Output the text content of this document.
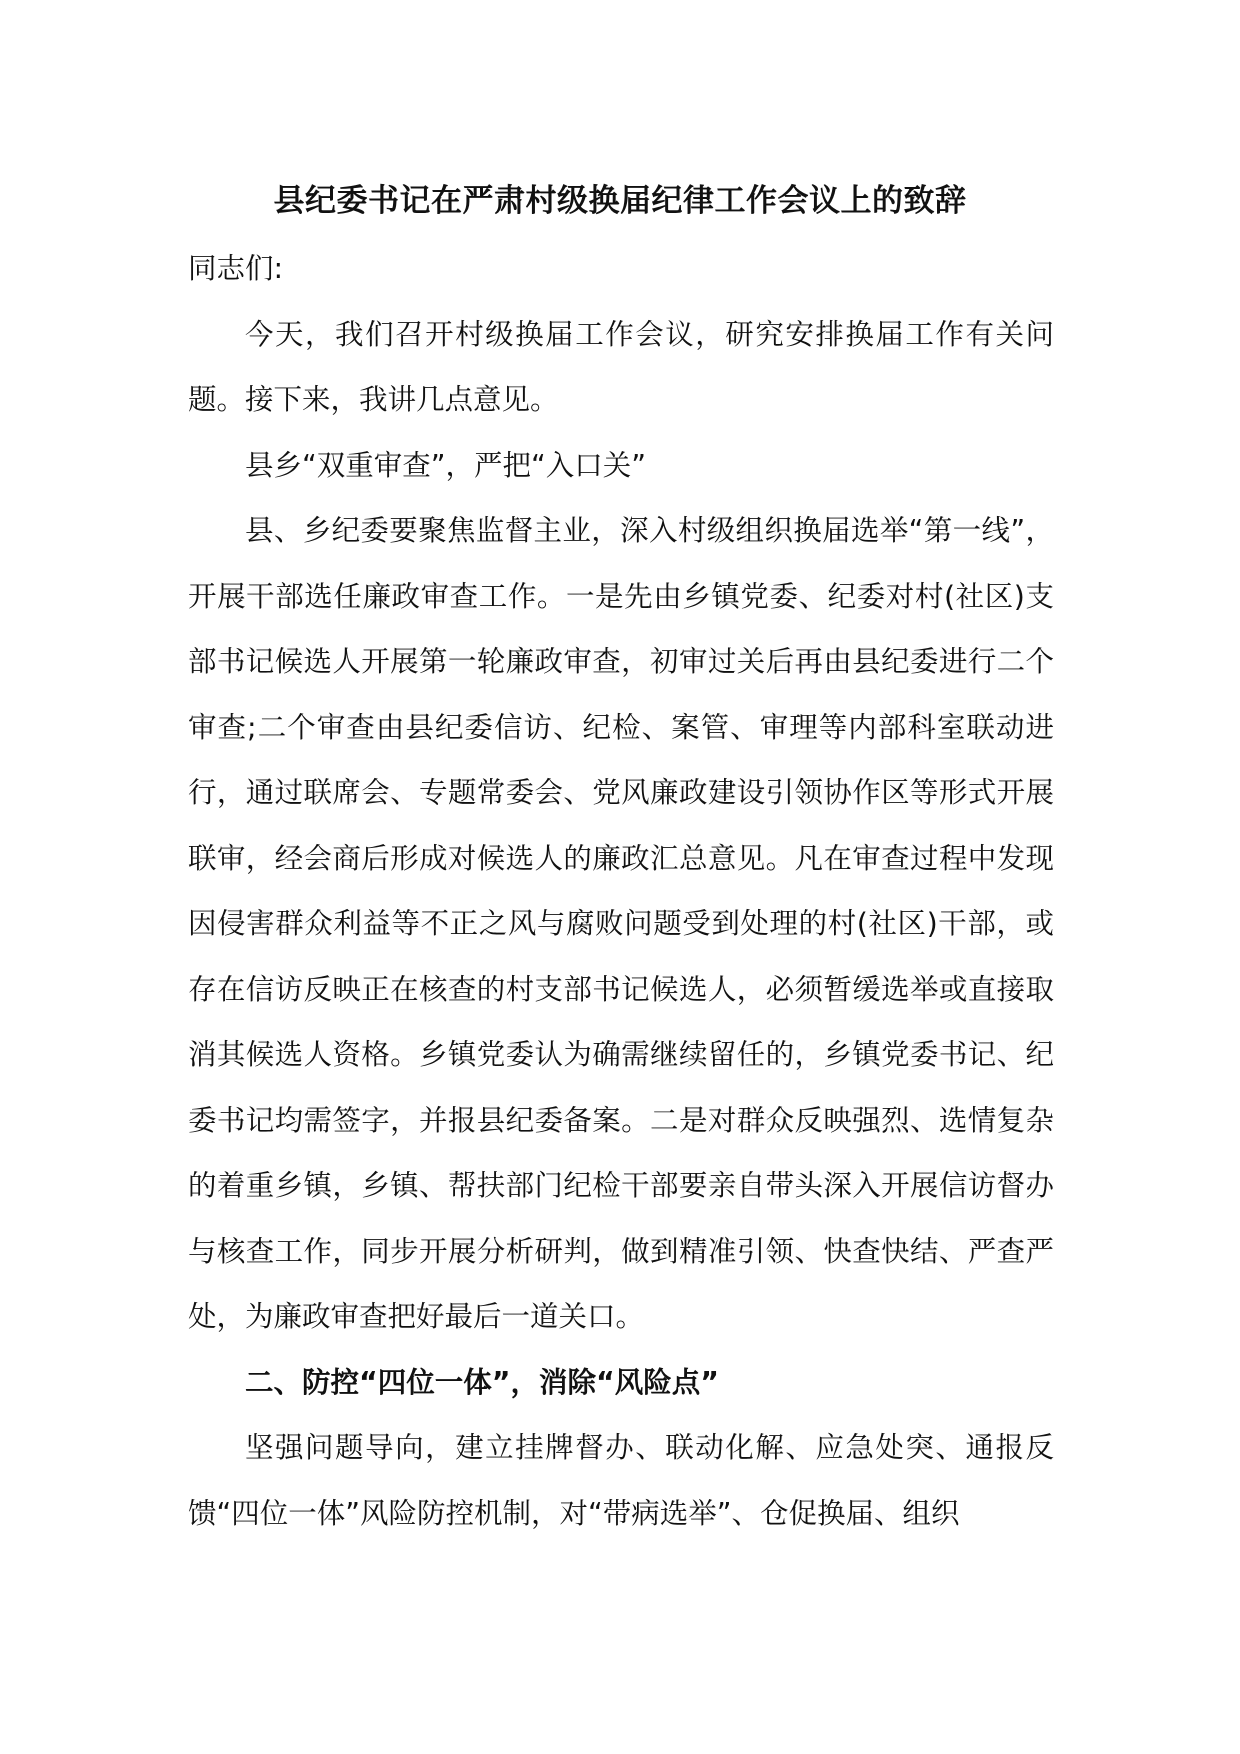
县纪委书记在严肃村级换届纪律工作会议上的致辞

同志们:

今天，我们召开村级换届工作会议，研究安排换届工作有关问题。接下来，我讲几点意见。

县乡“双重审查”，严把“入口关”

县、乡纪委要聚焦监督主业，深入村级组织换届选举“第一线”，开展干部选任廉政审查工作。一是先由乡镇党委、纪委对村(社区)支部书记候选人开展第一轮廉政审查，初审过关后再由县纪委进行二个审查;二个审查由县纪委信访、纪检、案管、审理等内部科室联动进行，通过联席会、专题常委会、党风廉政建设引领协作区等形式开展联审，经会商后形成对候选人的廉政汇总意见。凡在审查过程中发现因侵害群众利益等不正之风与腐败问题受到处理的村(社区)干部，或存在信访反映正在核查的村支部书记候选人，必须暂缓选举或直接取消其候选人资格。乡镇党委认为确需继续留任的，乡镇党委书记、纪委书记均需签字，并报县纪委备案。二是对群众反映强烈、选情复杂的着重乡镇，乡镇、帮扶部门纪检干部要亲自带头深入开展信访督办与核查工作，同步开展分析研判，做到精准引领、快查快结、严查严处，为廉政审查把好最后一道关口。

二、防控“四位一体”，消除“风险点”

坚强问题导向，建立挂牌督办、联动化解、应急处突、通报反馈“四位一体”风险防控机制，对“带病选举”、仓促换届、组织
